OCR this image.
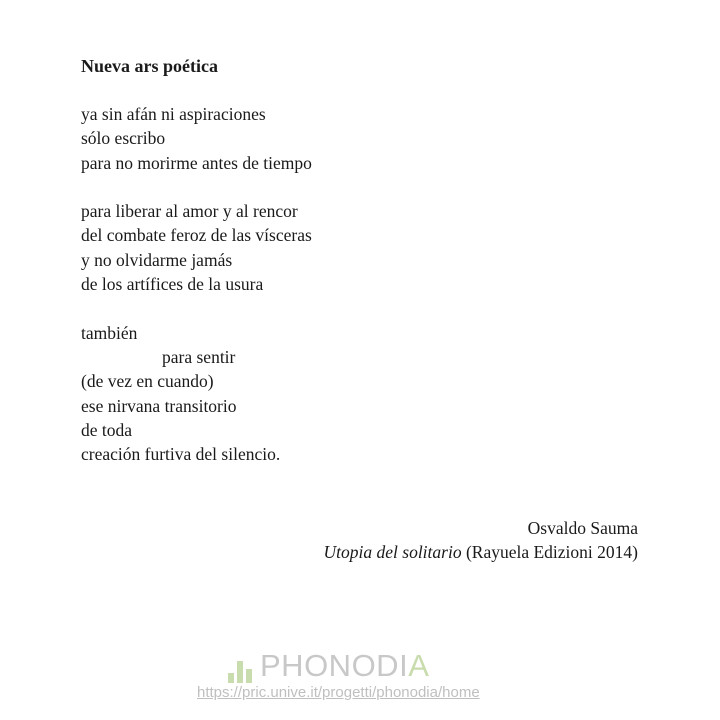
Nueva ars poética
ya sin afán ni aspiraciones
sólo escribo
para no morirme antes de tiempo
para liberar al amor y al rencor
del combate feroz de las vísceras
y no olvidarme jamás
de los artífices de la usura
también
para sentir
(de vez en cuando)
ese nirvana transitorio
de toda
creación furtiva del silencio.
Osvaldo Sauma
Utopia del solitario (Rayuela Edizioni 2014)
PHONODIA
https://pric.unive.it/progetti/phonodia/home
